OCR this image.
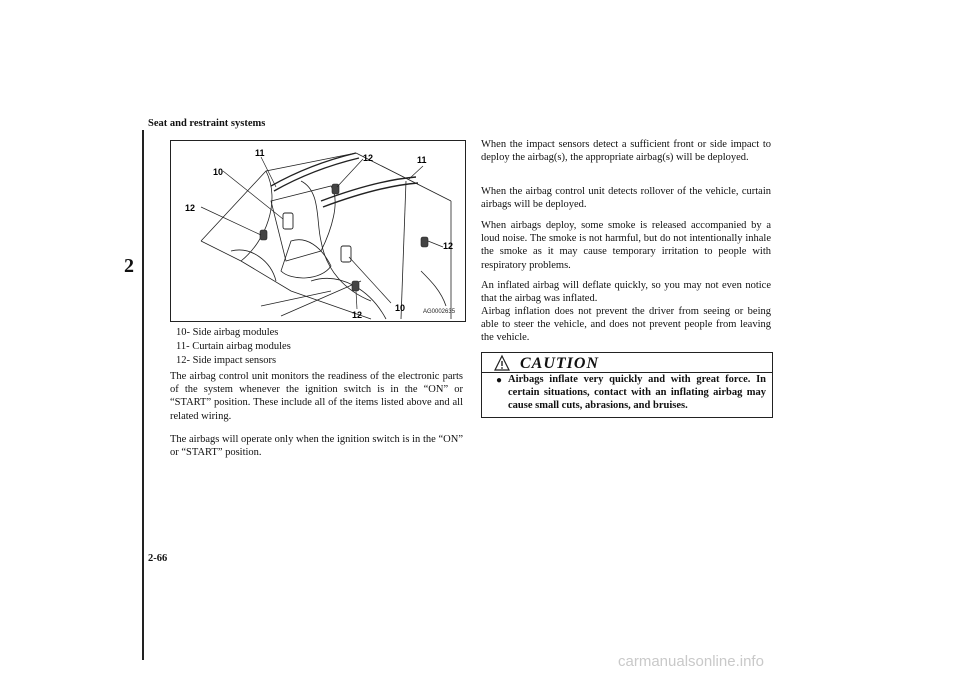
Seat and restraint systems
2
10
11	12	11
12
12
10
12	AG0002635
10- Side airbag modules
11- Curtain airbag modules
12- Side impact sensors
The airbag control unit monitors the readiness of the electronic parts of the system whenever the ignition switch is in the “ON” or “START” position. These include all of the items listed above and all related wiring.
The airbags will operate only when the ignition switch is in the “ON” or “START” position.
When the impact sensors detect a sufficient front or side impact to deploy the airbag(s), the appropriate airbag(s) will be deployed.
When the airbag control unit detects rollover of the vehicle, curtain airbags will be deployed.
When airbags deploy, some smoke is released accompanied by a loud noise. The smoke is not harmful, but do not intentionally inhale the smoke as it may cause temporary irritation to people with respiratory problems.
An inflated airbag will deflate quickly, so you may not even notice that the airbag was inflated.
Airbag inflation does not prevent the driver from seeing or being able to steer the vehicle, and does not prevent people from leaving the vehicle.
CAUTION
● Airbags inflate very quickly and with great force. In certain situations, contact with an inflating airbag may cause small cuts, abrasions, and bruises.
2-66
carmanualsonline.info
